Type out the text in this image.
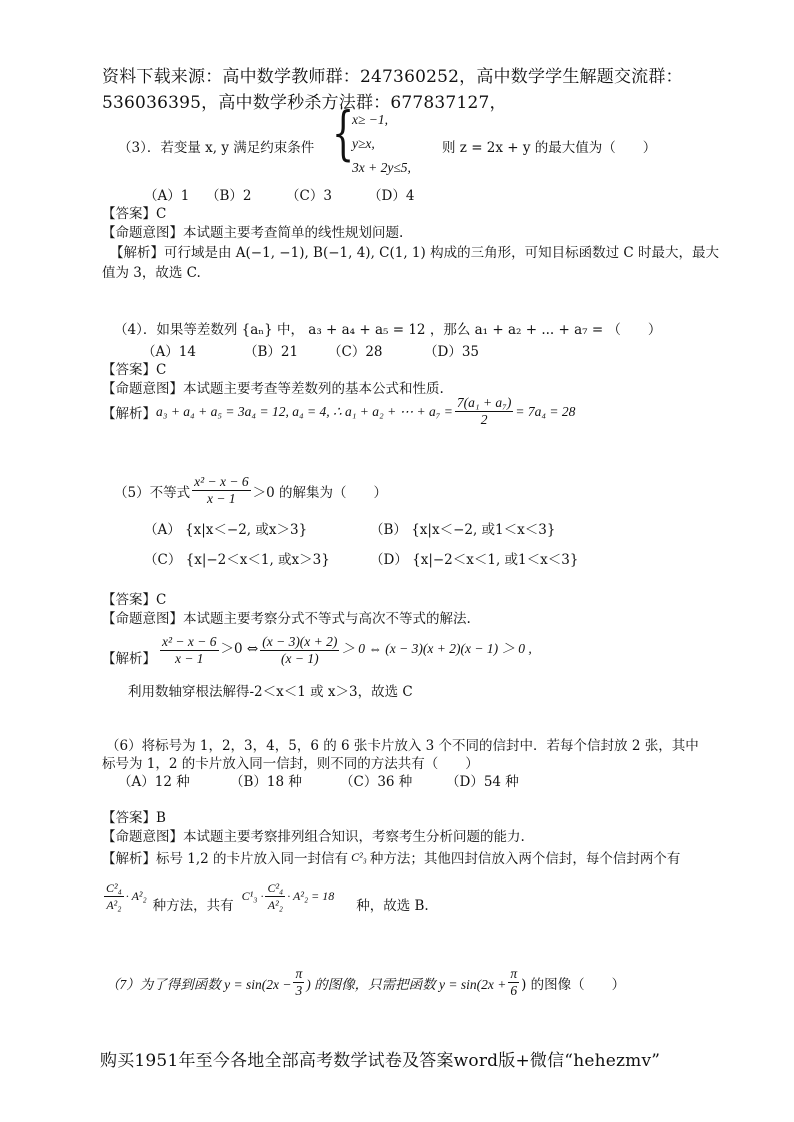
资料下载来源：高中数学教师群：247360252，高中数学学生解题交流群：
536036395，高中数学秒杀方法群：677837127，
（3）．若变量 x, y 满足约束条件 {
x≥ −1,
y≥x,
3x + 2y≤5,
则 z = 2x + y 的最大值为（　　）
（A）1 （B）2	（C）3	（D）4
【答案】C
【命题意图】本试题主要考查简单的线性规划问题.
【解析】可行域是由 A(−1, −1), B(−1, 4), C(1, 1) 构成的三角形，可知目标函数过 C 时最大，最大
值为 3，故选 C.
（4）．如果等差数列 {aₙ} 中， a₃ + a₄ + a₅ = 12 ，那么 a₁ + a₂ + ... + a₇ = （　　）
（A）14	（B）21 （C）28	（D）35
【答案】C
【命题意图】本试题主要考查等差数列的基本公式和性质.
【解析】 a₃ + a₄ + a₅ = 3a₄ = 12, a₄ = 4, ∴ a₁ + a₂ + ⋯ + $a_7 = \frac{\text{7(a₁ + a₇)}}{2} = 7a_4 = 28$
（5）不等式 $\frac{\text{x² − x − 6}}{x - 1} >0$ 的解集为（　　）
（A） {x|x＜−2, 或x＞3}	（B） {x|x＜−2, 或1＜x＜3}
（C） {x|−2＜x＜1, 或x＞3}	（D） {x|−2＜x＜1, 或1＜x＜3}
【答案】C
【命题意图】本试题主要考察分式不等式与高次不等式的解法.
【解析】 $\frac{\text{x² − x − 6}}{x - 1} >0$ ⇔ $\frac{(x - 3)(x + 2)}{(x - 1)} > 0$ ⇔ (x − 3)(x + 2)(x − 1) ＞ 0 ,
利用数轴穿根法解得-2＜x＜1 或 x＞3，故选 C
（6）将标号为 1，2，3，4，5，6 的 6 张卡片放入 3 个不同的信封中．若每个信封放 2 张，其中
标号为 1，2 的卡片放入同一信封，则不同的方法共有（　　）
（A）12 种	（B）18 种	（C）36 种 （D）54 种
【答案】B
【命题意图】本试题主要考察排列组合知识，考察考生分析问题的能力.
【解析】标号 1,2 的卡片放入同一封信有 C²₃ 种方法；其他四封信放入两个信封，每个信封两个有
$\frac{\text{C²₄}}{\text{A²₂}} \cdot A^2_2$
种方法，共有
$C^1_3 \cdot \frac{\text{C²₄}}{\text{A²₂}} \cdot A^2_2 = 18$
种，故选 B.
（7）为了得到函数 $y = \sin(2x - \frac{\pi}{3}$ ) 的图像，只需把函数 $y = \sin(2x + \frac{\pi}{6}$ ) 的图像（　　）
购买1951年至今各地全部高考数学试卷及答案word版+微信“hehezmv”
